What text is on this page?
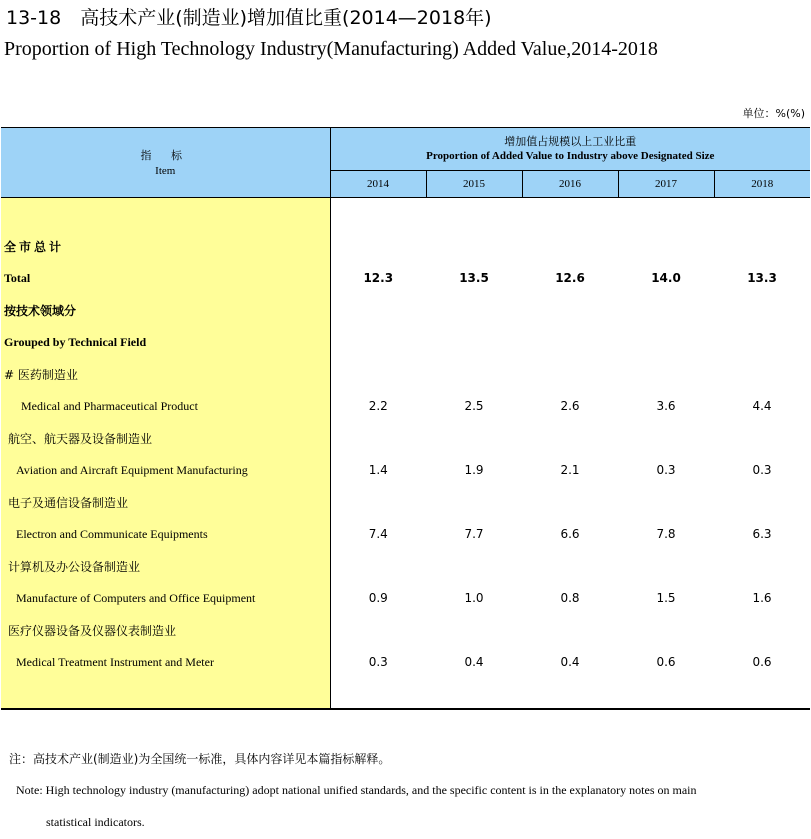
13-18　高技术产业(制造业)增加值比重(2014—2018年)
Proportion of High Technology Industry(Manufacturing) Added Value,2014-2018
单位：%(%)
指 标
Item	增加值占规模以上工业比重
Proportion of Added Value to Industry above Designated Size				

	2014	2015	2016	2017	2018

全市总计					
Total	12.3	13.5	12.6	14.0	13.3
按技术领域分					
Grouped by Technical Field					
# 医药制造业					
Medical and Pharmaceutical Product	2.2	2.5	2.6	3.6	4.4
航空、航天器及设备制造业					
Aviation and Aircraft Equipment Manufacturing	1.4	1.9	2.1	0.3	0.3
电子及通信设备制造业					
Electron and Communicate Equipments	7.4	7.7	6.6	7.8	6.3
计算机及办公设备制造业					
Manufacture of Computers and Office Equipment	0.9	1.0	0.8	1.5	1.6
医疗仪器设备及仪器仪表制造业					
Medical Treatment Instrument and Meter	0.3	0.4	0.4	0.6	0.6

注：高技术产业(制造业)为全国统一标准，具体内容详见本篇指标解释。
Note: High technology industry (manufacturing) adopt national unified standards, and the specific content is in the explanatory notes on main
statistical indicators.
